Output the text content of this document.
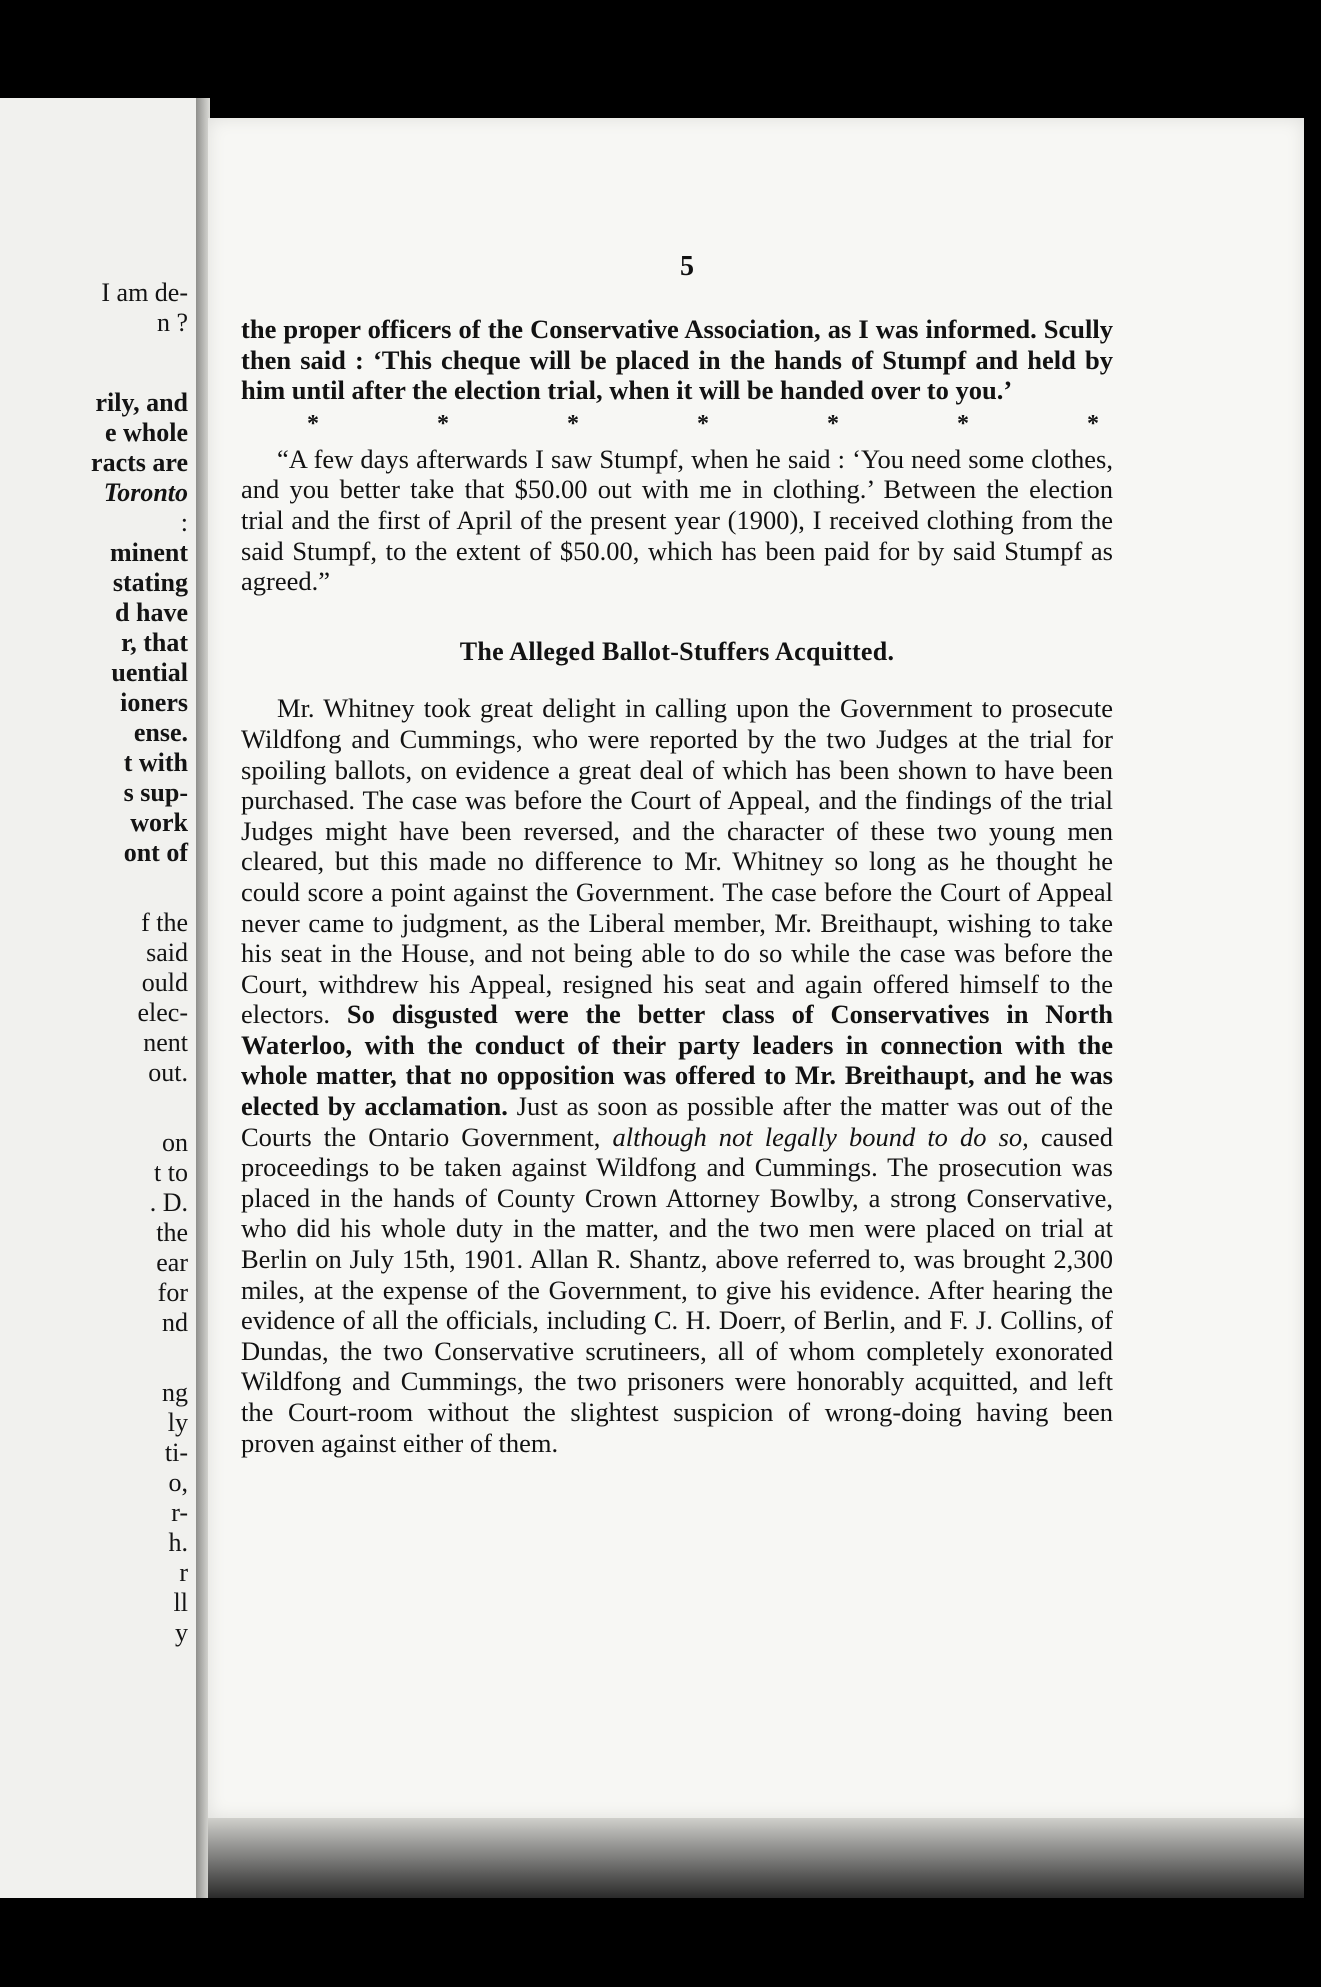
I am de-
n ?
rily, and
e whole
racts are
Toronto
:
minent
stating
d have
r, that
uential
ioners
ense.
t with
s sup-
work
ont of
f the
said
ould
elec-
nent
out.
on
t to
. D.
the
ear
for
nd
ng
ly
ti-
o,
r-
h.
r
ll
y
5

the proper officers of the Conservative Association, as I was informed. Scully then said : ‘This cheque will be placed in the hands of Stumpf and held by him until after the election trial, when it will be handed over to you.’

*	*	*	*	*	*	*

“A few days afterwards I saw Stumpf, when he said : ‘You need some clothes, and you better take that $50.00 out with me in clothing.’ Between the election trial and the first of April of the present year (1900), I received clothing from the said Stumpf, to the extent of $50.00, which has been paid for by said Stumpf as agreed.”

The Alleged Ballot-Stuffers Acquitted.

Mr. Whitney took great delight in calling upon the Government to prosecute Wildfong and Cummings, who were reported by the two Judges at the trial for spoiling ballots, on evidence a great deal of which has been shown to have been purchased. The case was before the Court of Appeal, and the findings of the trial Judges might have been reversed, and the character of these two young men cleared, but this made no difference to Mr. Whitney so long as he thought he could score a point against the Government. The case before the Court of Appeal never came to judgment, as the Liberal member, Mr. Breithaupt, wishing to take his seat in the House, and not being able to do so while the case was before the Court, withdrew his Appeal, resigned his seat and again offered himself to the electors. So disgusted were the better class of Conservatives in North Waterloo, with the conduct of their party leaders in connection with the whole matter, that no opposition was offered to Mr. Breithaupt, and he was elected by acclamation. Just as soon as possible after the matter was out of the Courts the Ontario Government, although not legally bound to do so, caused proceedings to be taken against Wildfong and Cummings. The prosecution was placed in the hands of County Crown Attorney Bowlby, a strong Conservative, who did his whole duty in the matter, and the two men were placed on trial at Berlin on July 15th, 1901. Allan R. Shantz, above referred to, was brought 2,300 miles, at the expense of the Government, to give his evidence. After hearing the evidence of all the officials, including C. H. Doerr, of Berlin, and F. J. Collins, of Dundas, the two Conservative scrutineers, all of whom completely exonorated Wildfong and Cummings, the two prisoners were honorably acquitted, and left the Court-room without the slightest suspicion of wrong-doing having been proven against either of them.
